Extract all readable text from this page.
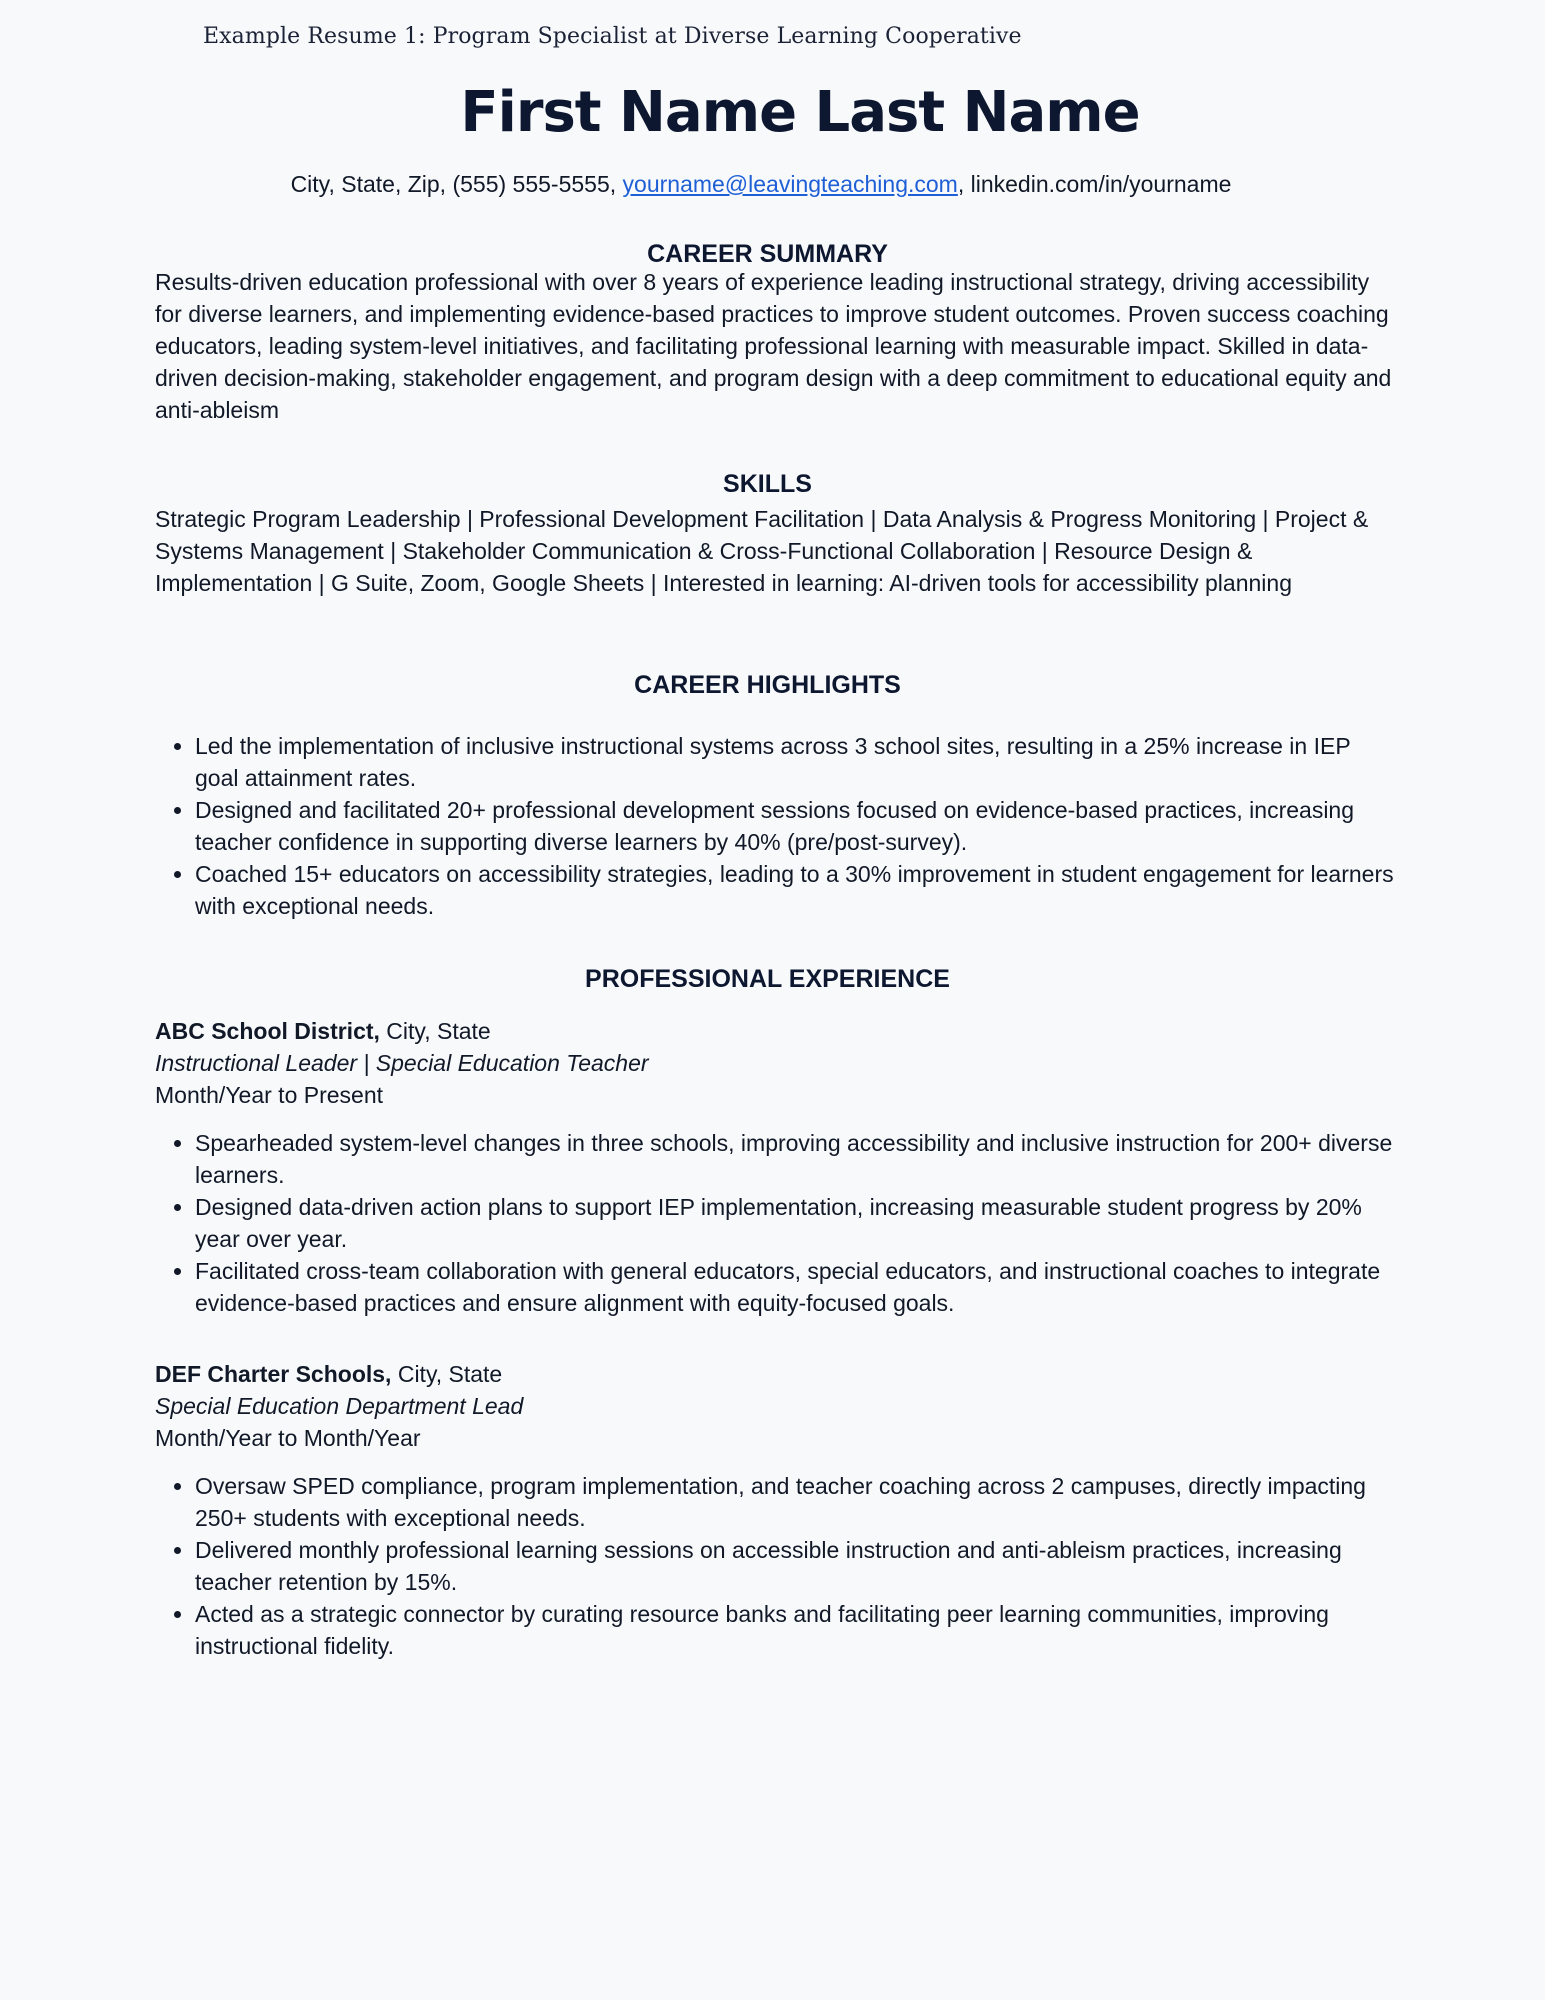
Example Resume 1: Program Specialist at Diverse Learning Cooperative
First Name Last Name
City, State, Zip, (555) 555-5555, yourname@leavingteaching.com, linkedin.com/in/yourname
CAREER SUMMARY

Results-driven education professional with over 8 years of experience leading instructional strategy, driving accessibility for diverse learners, and implementing evidence-based practices to improve student outcomes. Proven success coaching educators, leading system-level initiatives, and facilitating professional learning with measurable impact. Skilled in data-driven decision-making, stakeholder engagement, and program design with a deep commitment to educational equity and anti-ableism

SKILLS

Strategic Program Leadership | Professional Development Facilitation | Data Analysis & Progress Monitoring | Project & Systems Management | Stakeholder Communication & Cross-Functional Collaboration | Resource Design & Implementation | G Suite, Zoom, Google Sheets | Interested in learning: AI-driven tools for accessibility planning

CAREER HIGHLIGHTS
• Led the implementation of inclusive instructional systems across 3 school sites, resulting in a 25% increase in IEP goal attainment rates.
• Designed and facilitated 20+ professional development sessions focused on evidence-based practices, increasing teacher confidence in supporting diverse learners by 40% (pre/post-survey).
• Coached 15+ educators on accessibility strategies, leading to a 30% improvement in student engagement for learners with exceptional needs.
PROFESSIONAL EXPERIENCE
ABC School District, City, State
Instructional Leader | Special Education Teacher
Month/Year to Present
• Spearheaded system-level changes in three schools, improving accessibility and inclusive instruction for 200+ diverse learners.
• Designed data-driven action plans to support IEP implementation, increasing measurable student progress by 20% year over year.
• Facilitated cross-team collaboration with general educators, special educators, and instructional coaches to integrate evidence-based practices and ensure alignment with equity-focused goals.
DEF Charter Schools, City, State
Special Education Department Lead
Month/Year to Month/Year
• Oversaw SPED compliance, program implementation, and teacher coaching across 2 campuses, directly impacting 250+ students with exceptional needs.
• Delivered monthly professional learning sessions on accessible instruction and anti-ableism practices, increasing teacher retention by 15%.
• Acted as a strategic connector by curating resource banks and facilitating peer learning communities, improving instructional fidelity.
